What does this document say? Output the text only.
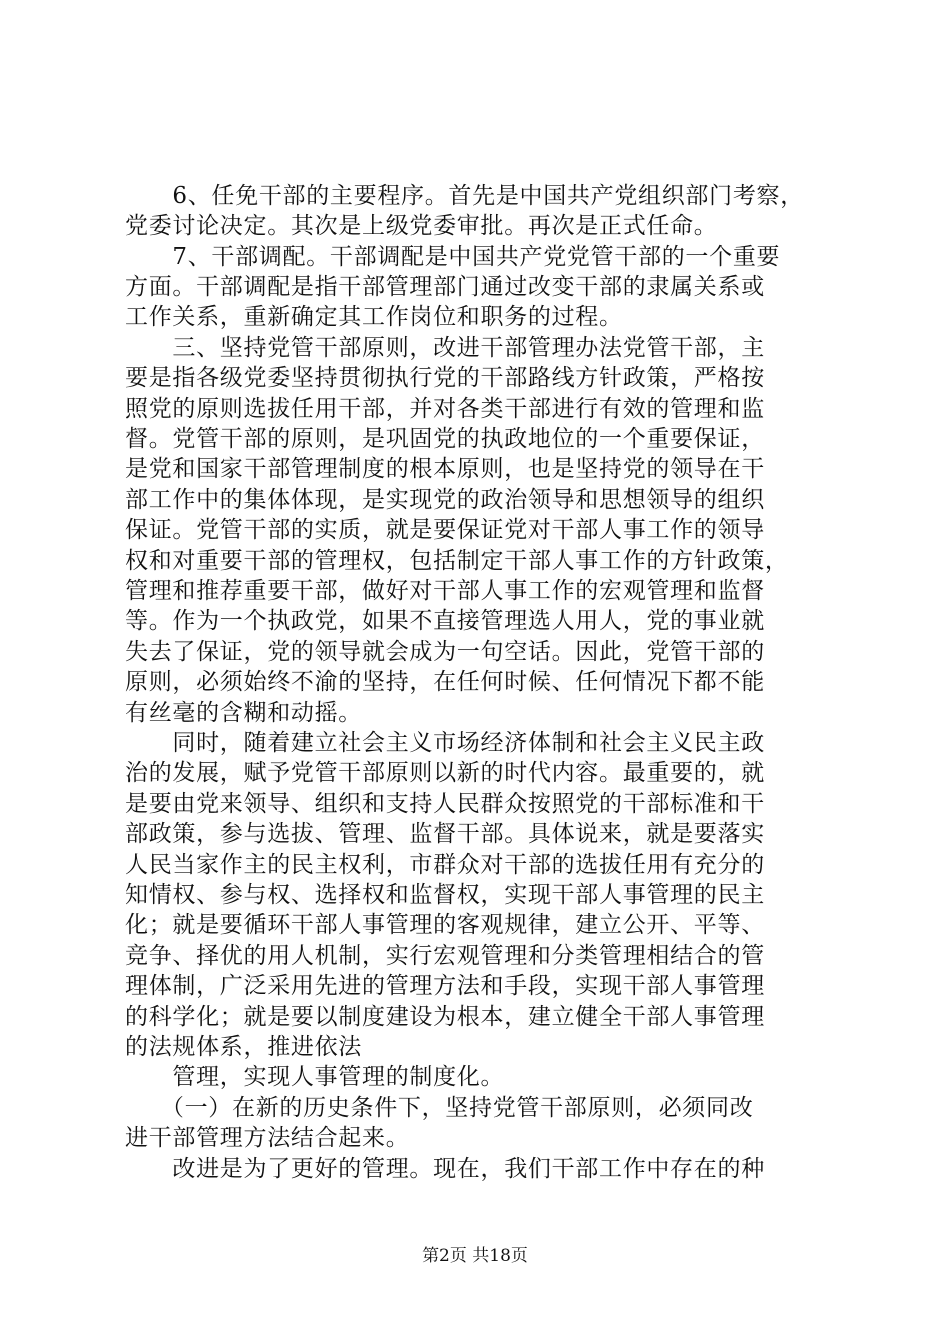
　　6、任免干部的主要程序。首先是中国共产党组织部门考察，
党委讨论决定。其次是上级党委审批。再次是正式任命。
　　7、干部调配。干部调配是中国共产党党管干部的一个重要
方面。干部调配是指干部管理部门通过改变干部的隶属关系或
工作关系，重新确定其工作岗位和职务的过程。
　　三、坚持党管干部原则，改进干部管理办法党管干部，主
要是指各级党委坚持贯彻执行党的干部路线方针政策，严格按
照党的原则选拔任用干部，并对各类干部进行有效的管理和监
督。党管干部的原则，是巩固党的执政地位的一个重要保证，
是党和国家干部管理制度的根本原则，也是坚持党的领导在干
部工作中的集体体现，是实现党的政治领导和思想领导的组织
保证。党管干部的实质，就是要保证党对干部人事工作的领导
权和对重要干部的管理权，包括制定干部人事工作的方针政策，
管理和推荐重要干部，做好对干部人事工作的宏观管理和监督
等。作为一个执政党，如果不直接管理选人用人，党的事业就
失去了保证，党的领导就会成为一句空话。因此，党管干部的
原则，必须始终不渝的坚持，在任何时候、任何情况下都不能
有丝毫的含糊和动摇。
　　同时，随着建立社会主义市场经济体制和社会主义民主政
治的发展，赋予党管干部原则以新的时代内容。最重要的，就
是要由党来领导、组织和支持人民群众按照党的干部标准和干
部政策，参与选拔、管理、监督干部。具体说来，就是要落实
人民当家作主的民主权利，市群众对干部的选拔任用有充分的
知情权、参与权、选择权和监督权，实现干部人事管理的民主
化；就是要循环干部人事管理的客观规律，建立公开、平等、
竞争、择优的用人机制，实行宏观管理和分类管理相结合的管
理体制，广泛采用先进的管理方法和手段，实现干部人事管理
的科学化；就是要以制度建设为根本，建立健全干部人事管理
的法规体系，推进依法
　　管理，实现人事管理的制度化。
　　（一）在新的历史条件下，坚持党管干部原则，必须同改
进干部管理方法结合起来。
　　改进是为了更好的管理。现在，我们干部工作中存在的种
第2页 共18页
